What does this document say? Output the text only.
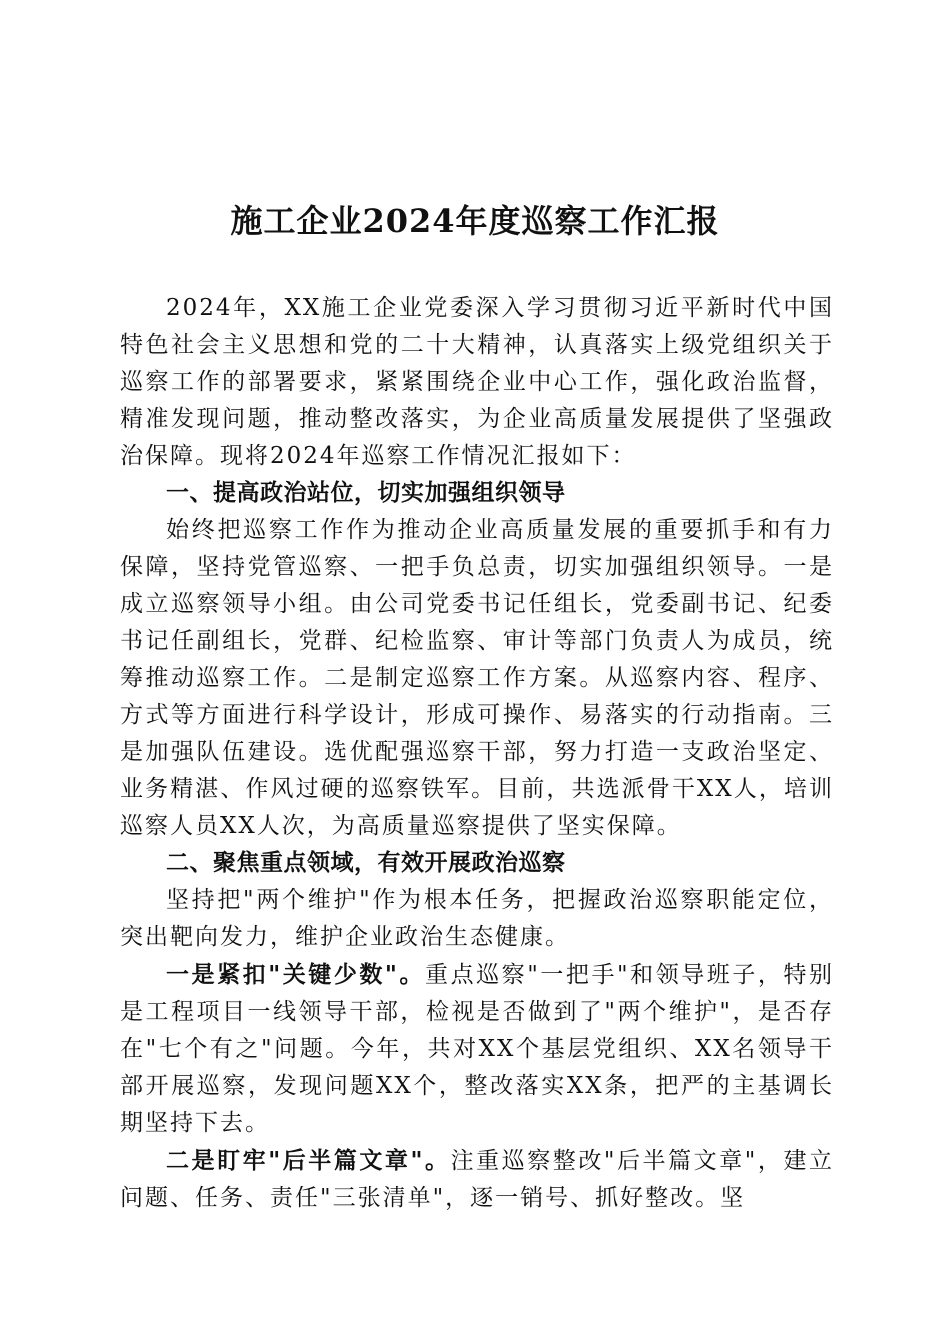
施工企业2024年度巡察工作汇报

2024年，XX施工企业党委深入学习贯彻习近平新时代中国特色社会主义思想和党的二十大精神，认真落实上级党组织关于巡察工作的部署要求，紧紧围绕企业中心工作，强化政治监督，精准发现问题，推动整改落实，为企业高质量发展提供了坚强政治保障。现将2024年巡察工作情况汇报如下：

一、提高政治站位，切实加强组织领导

始终把巡察工作作为推动企业高质量发展的重要抓手和有力保障，坚持党管巡察、一把手负总责，切实加强组织领导。一是成立巡察领导小组。由公司党委书记任组长，党委副书记、纪委书记任副组长，党群、纪检监察、审计等部门负责人为成员，统筹推动巡察工作。二是制定巡察工作方案。从巡察内容、程序、方式等方面进行科学设计，形成可操作、易落实的行动指南。三是加强队伍建设。选优配强巡察干部，努力打造一支政治坚定、业务精湛、作风过硬的巡察铁军。目前，共选派骨干XX人，培训巡察人员XX人次，为高质量巡察提供了坚实保障。

二、聚焦重点领域，有效开展政治巡察

坚持把"两个维护"作为根本任务，把握政治巡察职能定位，突出靶向发力，维护企业政治生态健康。

一是紧扣"关键少数"。重点巡察"一把手"和领导班子，特别是工程项目一线领导干部，检视是否做到了"两个维护"，是否存在"七个有之"问题。今年，共对XX个基层党组织、XX名领导干部开展巡察，发现问题XX个，整改落实XX条，把严的主基调长期坚持下去。

二是盯牢"后半篇文章"。注重巡察整改"后半篇文章"，建立问题、任务、责任"三张清单"，逐一销号、抓好整改。坚
